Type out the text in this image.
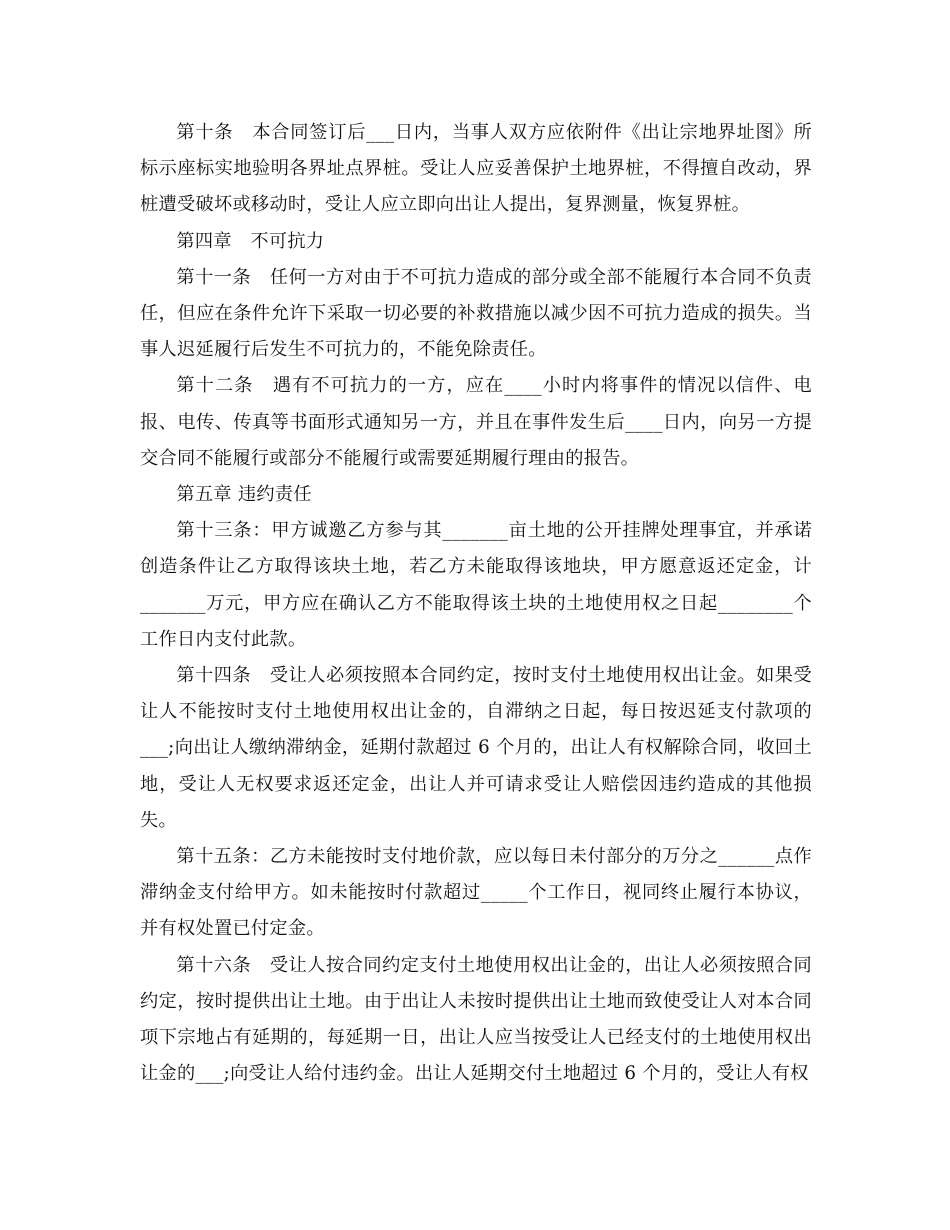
第十条　本合同签订后___日内，当事人双方应依附件《出让宗地界址图》所标示座标实地验明各界址点界桩。受让人应妥善保护土地界桩，不得擅自改动，界桩遭受破坏或移动时，受让人应立即向出让人提出，复界测量，恢复界桩。

第四章　不可抗力

第十一条　任何一方对由于不可抗力造成的部分或全部不能履行本合同不负责任，但应在条件允许下采取一切必要的补救措施以减少因不可抗力造成的损失。当事人迟延履行后发生不可抗力的，不能免除责任。

第十二条　遇有不可抗力的一方，应在____小时内将事件的情况以信件、电报、电传、传真等书面形式通知另一方，并且在事件发生后____日内，向另一方提交合同不能履行或部分不能履行或需要延期履行理由的报告。

第五章 违约责任

第十三条：甲方诚邀乙方参与其_______亩土地的公开挂牌处理事宜，并承诺创造条件让乙方取得该块土地，若乙方未能取得该地块，甲方愿意返还定金，计_______万元，甲方应在确认乙方不能取得该土块的土地使用权之日起________个工作日内支付此款。

第十四条　受让人必须按照本合同约定，按时支付土地使用权出让金。如果受让人不能按时支付土地使用权出让金的，自滞纳之日起，每日按迟延支付款项的___;向出让人缴纳滞纳金，延期付款超过 6 个月的，出让人有权解除合同，收回土地，受让人无权要求返还定金，出让人并可请求受让人赔偿因违约造成的其他损失。

第十五条：乙方未能按时支付地价款，应以每日未付部分的万分之______点作滞纳金支付给甲方。如未能按时付款超过_____个工作日，视同终止履行本协议，并有权处置已付定金。

第十六条　受让人按合同约定支付土地使用权出让金的，出让人必须按照合同约定，按时提供出让土地。由于出让人未按时提供出让土地而致使受让人对本合同项下宗地占有延期的，每延期一日，出让人应当按受让人已经支付的土地使用权出让金的___;向受让人给付违约金。出让人延期交付土地超过 6 个月的，受让人有权
